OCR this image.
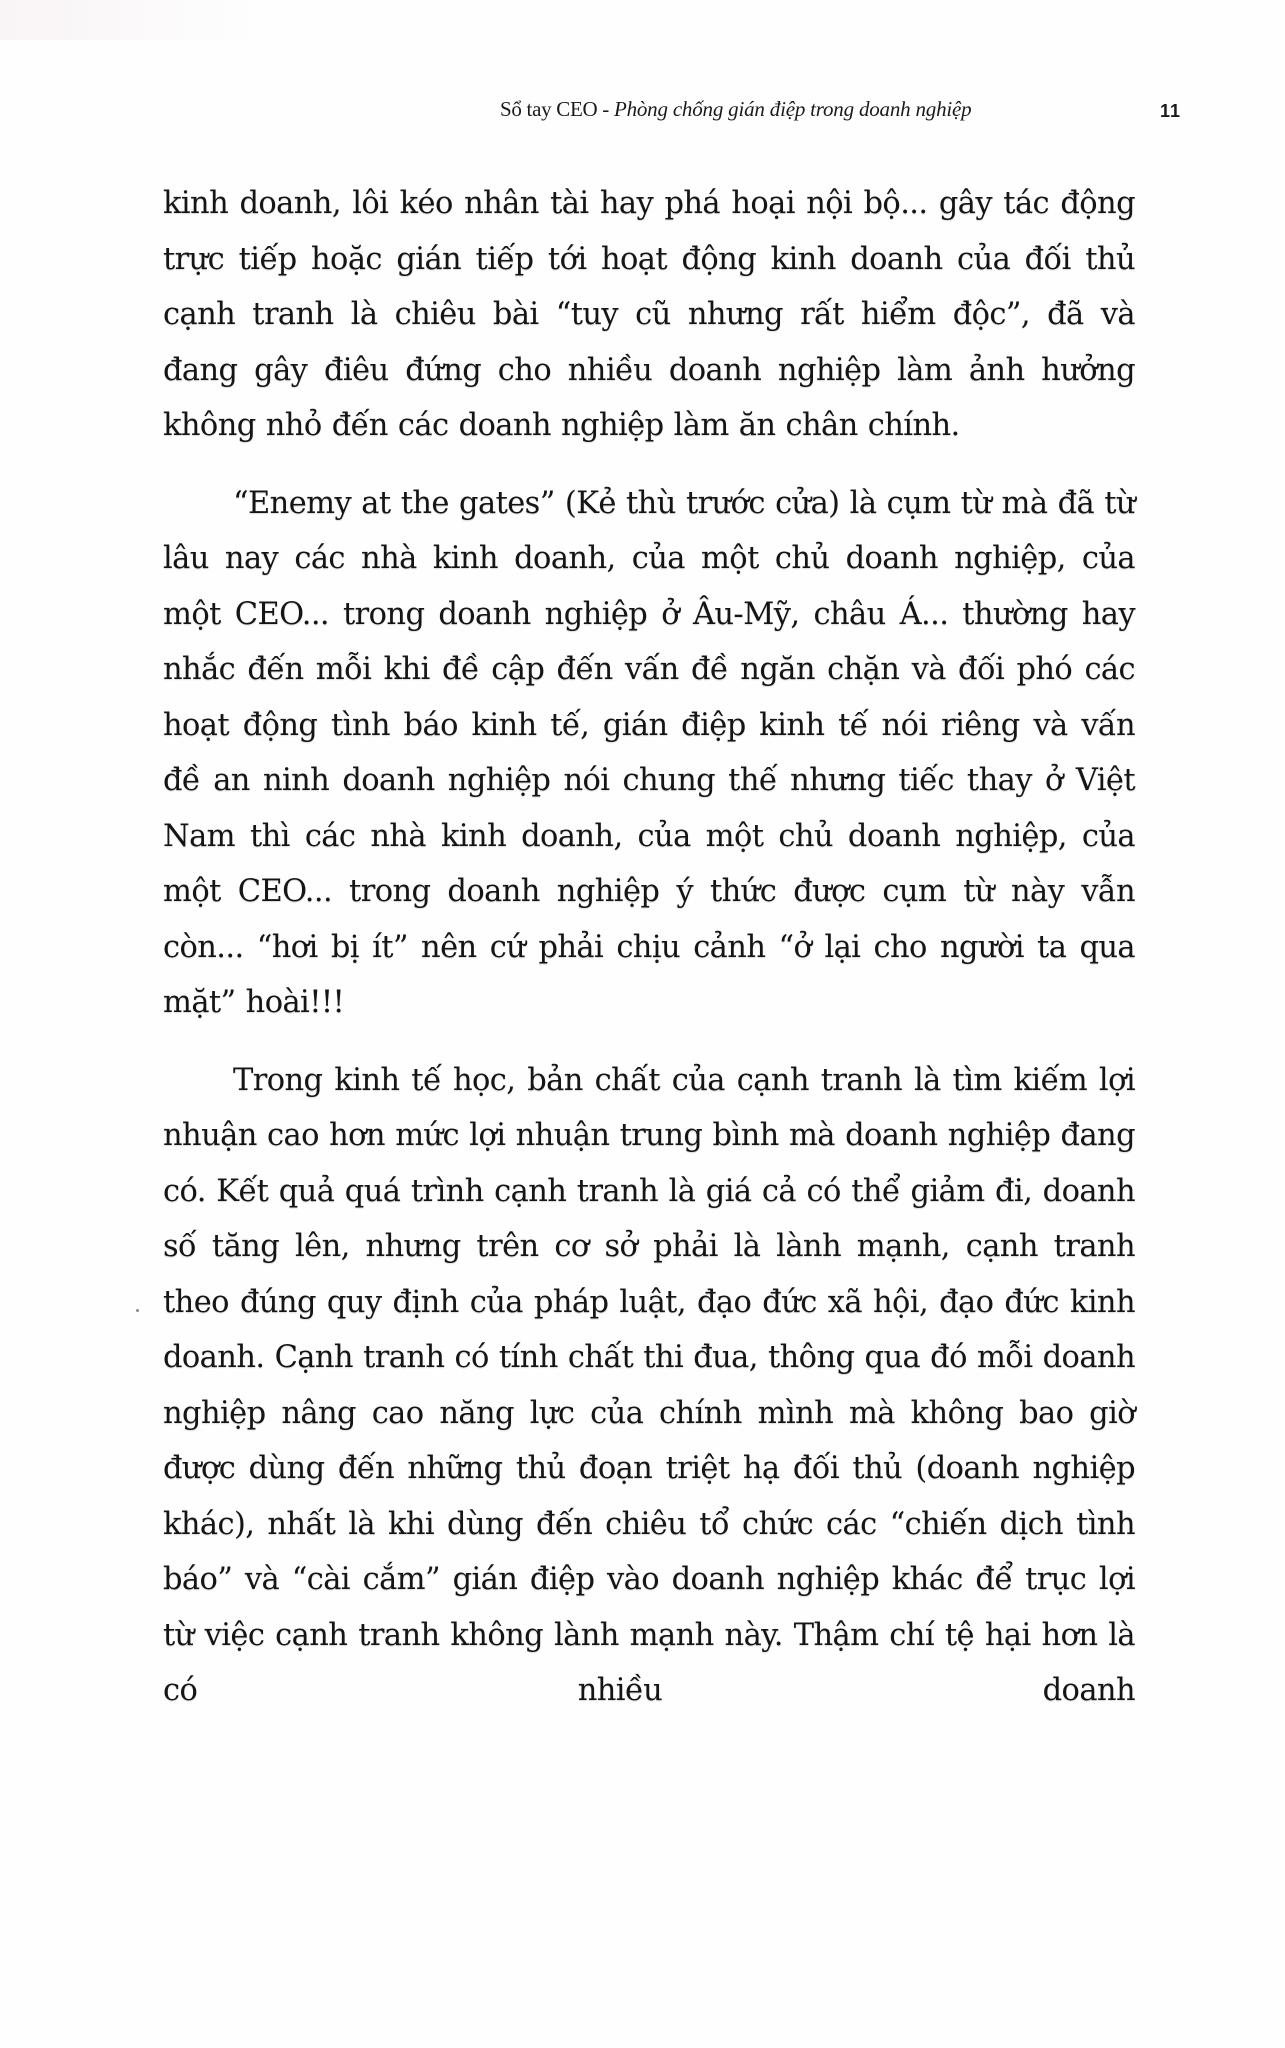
Sổ tay CEO - Phòng chống gián điệp trong doanh nghiệp	11

kinh doanh, lôi kéo nhân tài hay phá hoại nội bộ... gây tác động trực tiếp hoặc gián tiếp tới hoạt động kinh doanh của đối thủ cạnh tranh là chiêu bài “tuy cũ nhưng rất hiểm độc”, đã và đang gây điêu đứng cho nhiều doanh nghiệp làm ảnh hưởng không nhỏ đến các doanh nghiệp làm ăn chân chính.

“Enemy at the gates” (Kẻ thù trước cửa) là cụm từ mà đã từ lâu nay các nhà kinh doanh, của một chủ doanh nghiệp, của một CEO... trong doanh nghiệp ở Âu-Mỹ, châu Á... thường hay nhắc đến mỗi khi đề cập đến vấn đề ngăn chặn và đối phó các hoạt động tình báo kinh tế, gián điệp kinh tế nói riêng và vấn đề an ninh doanh nghiệp nói chung thế nhưng tiếc thay ở Việt Nam thì các nhà kinh doanh, của một chủ doanh nghiệp, của một CEO... trong doanh nghiệp ý thức được cụm từ này vẫn còn... “hơi bị ít” nên cứ phải chịu cảnh “ở lại cho người ta qua mặt” hoài!!!

Trong kinh tế học, bản chất của cạnh tranh là tìm kiếm lợi nhuận cao hơn mức lợi nhuận trung bình mà doanh nghiệp đang có. Kết quả quá trình cạnh tranh là giá cả có thể giảm đi, doanh số tăng lên, nhưng trên cơ sở phải là lành mạnh, cạnh tranh theo đúng quy định của pháp luật, đạo đức xã hội, đạo đức kinh doanh. Cạnh tranh có tính chất thi đua, thông qua đó mỗi doanh nghiệp nâng cao năng lực của chính mình mà không bao giờ được dùng đến những thủ đoạn triệt hạ đối thủ (doanh nghiệp khác), nhất là khi dùng đến chiêu tổ chức các “chiến dịch tình báo” và “cài cắm” gián điệp vào doanh nghiệp khác để trục lợi từ việc cạnh tranh không lành mạnh này. Thậm chí tệ hại hơn là có nhiều doanh
